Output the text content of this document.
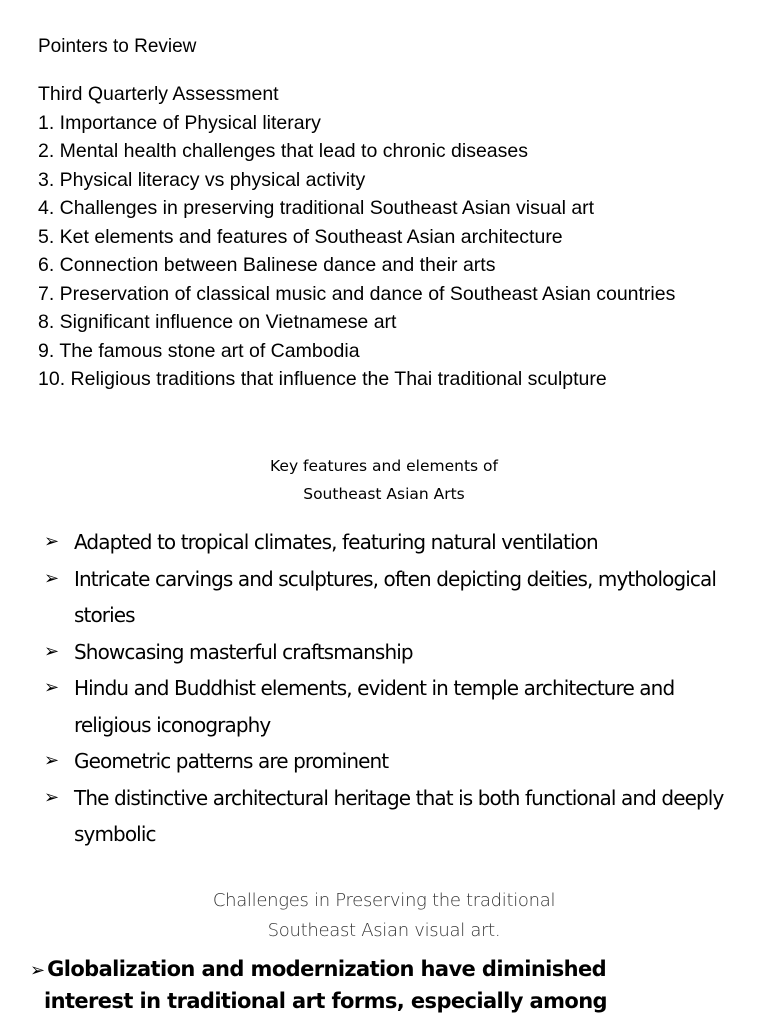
Pointers to Review
Third Quarterly Assessment
1. Importance of Physical literary
2. Mental health challenges that lead to chronic diseases
3. Physical literacy vs physical activity
4. Challenges in preserving traditional Southeast Asian visual art
5. Ket elements and features of Southeast Asian architecture
6. Connection between Balinese dance and their arts
7. Preservation of classical music and dance of Southeast Asian countries
8. Significant influence on Vietnamese art
9. The famous stone art of Cambodia
10. Religious traditions that influence the Thai traditional sculpture
Key features and elements of
Southeast Asian Arts
➢ Adapted to tropical climates, featuring natural ventilation
➢ Intricate carvings and sculptures, often depicting deities, mythological stories
➢ Showcasing masterful craftsmanship
➢ Hindu and Buddhist elements, evident in temple architecture and religious iconography
➢ Geometric patterns are prominent
➢ The distinctive architectural heritage that is both functional and deeply symbolic
Challenges in Preserving the traditional
Southeast Asian visual art.

➢Globalization and modernization have diminished
interest in traditional art forms, especially among
